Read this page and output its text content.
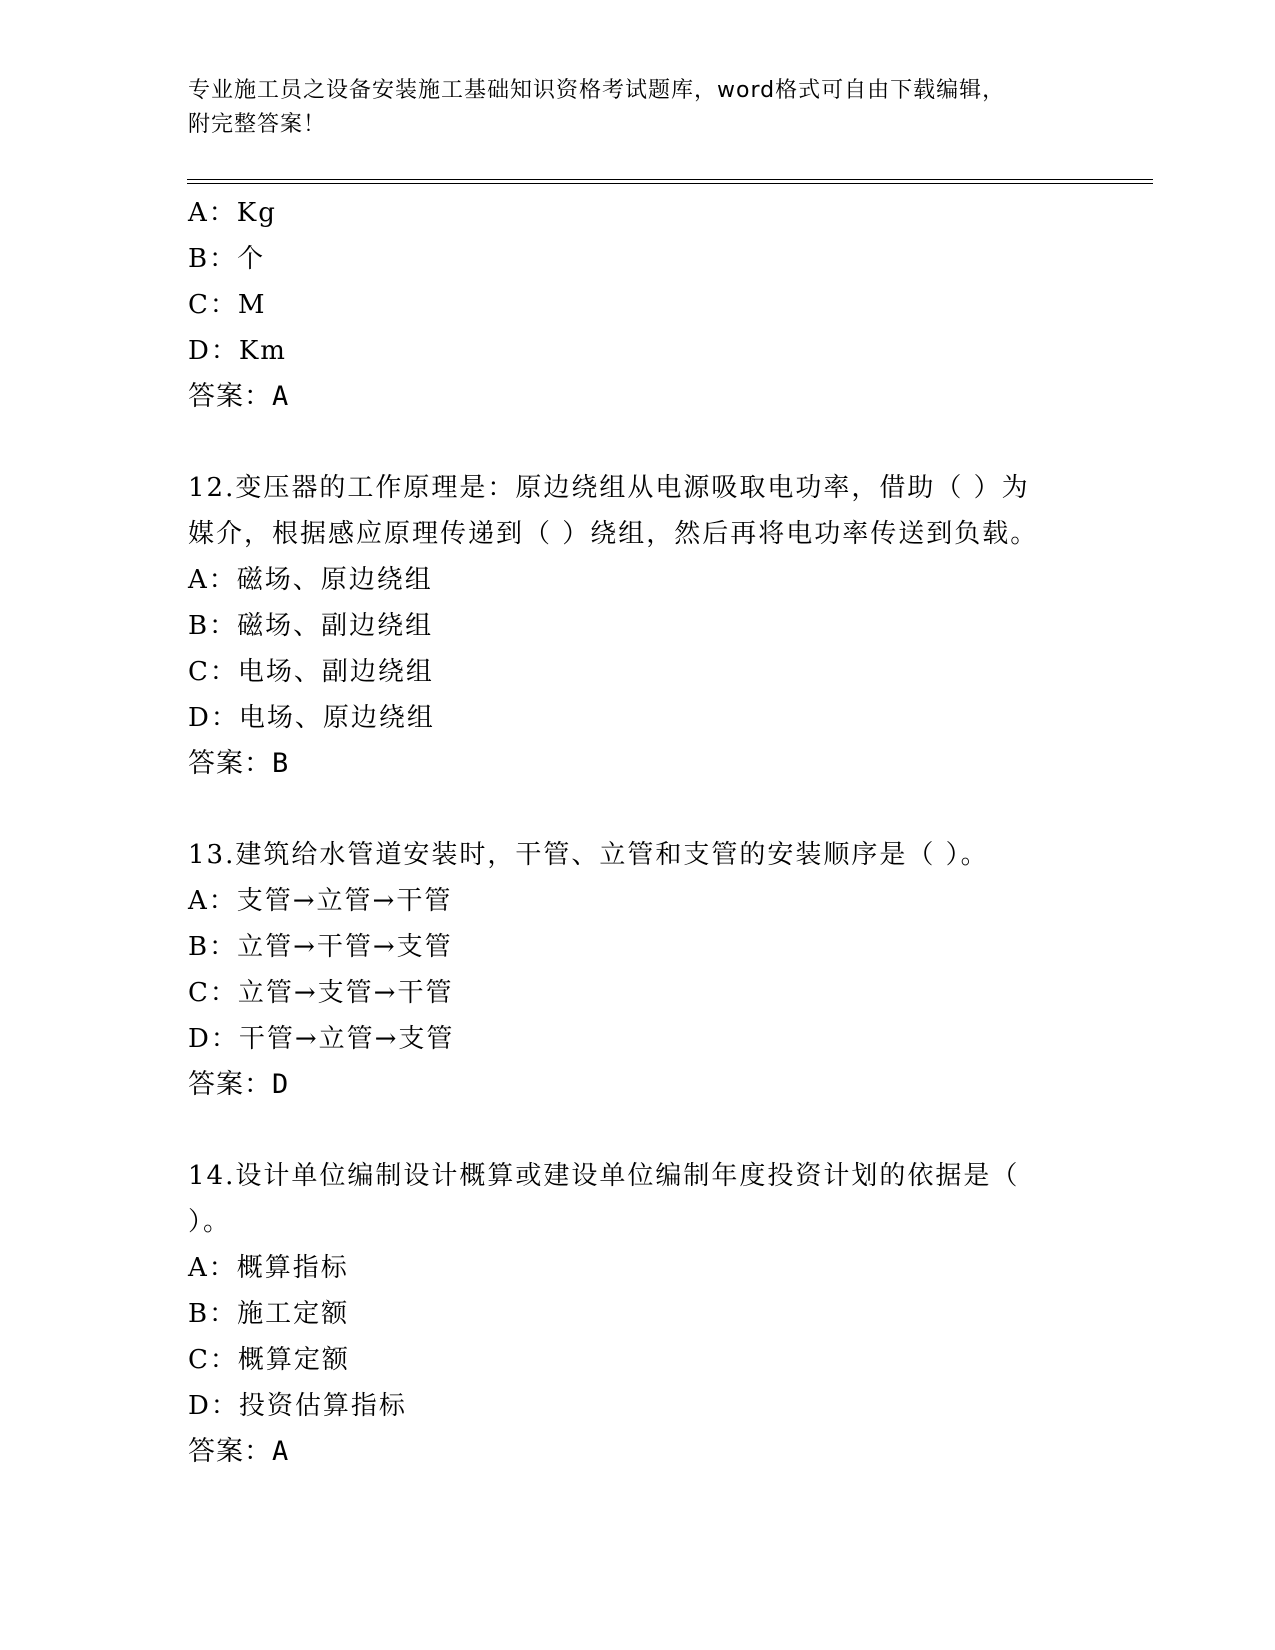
专业施工员之设备安装施工基础知识资格考试题库，word格式可自由下载编辑，
附完整答案！
A：Kg
B：个
C：M
D：Km
答案：A
12.变压器的工作原理是：原边绕组从电源吸取电功率，借助（ ）为
媒介，根据感应原理传递到（ ）绕组，然后再将电功率传送到负载。
A：磁场、原边绕组
B：磁场、副边绕组
C：电场、副边绕组
D：电场、原边绕组
答案：B
13.建筑给水管道安装时，干管、立管和支管的安装顺序是（ ）。
A：支管→立管→干管
B：立管→干管→支管
C：立管→支管→干管
D：干管→立管→支管
答案：D
14.设计单位编制设计概算或建设单位编制年度投资计划的依据是（
）。
A：概算指标
B：施工定额
C：概算定额
D：投资估算指标
答案：A
